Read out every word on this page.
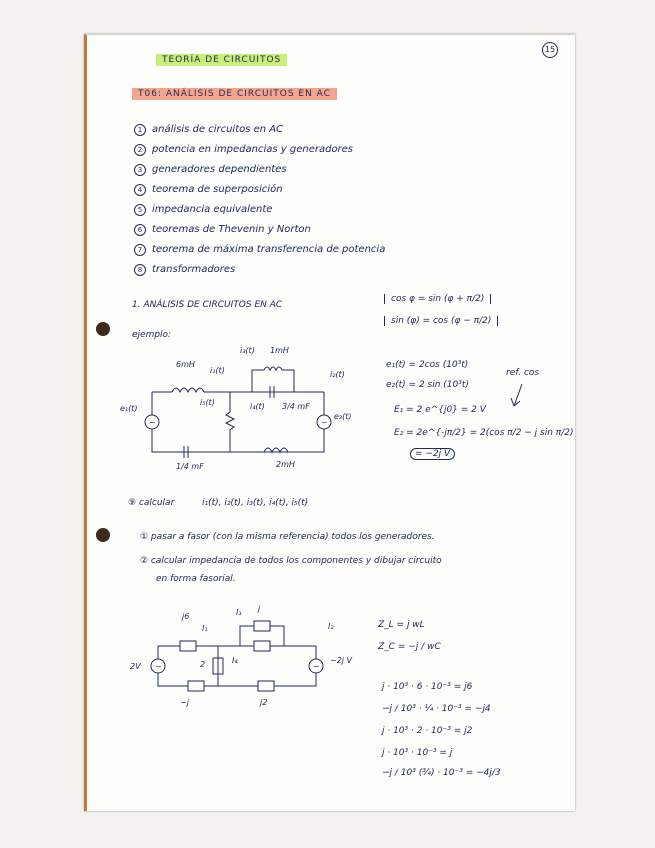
TEORÍA DE CIRCUITOS
15
T06: ANÁLISIS DE CIRCUITOS EN AC
1 análisis de circuitos en AC
2 potencia en impedancias y generadores
3 generadores dependientes
4 teorema de superposición
5 impedancia equivalente
6 teoremas de Thevenin y Norton
7 teorema de máxima transferencia de potencia
8 transformadores
1. ANÁLISIS DE CIRCUITOS EN AC
ejemplo:
cos φ = sin (φ + π/2)
sin (φ) = cos (φ − π/2)
e₁(t) = 2cos (10³t)
e₂(t) = 2 sin (10³t)
ref. cos
E₁ = 2 e^{j0} = 2 V
E₂ = 2e^{-jπ/2} = 2(cos π/2 − j sin π/2)
= −2j V
~	~
6mH
1mH
i₃(t)
i₁(t)	i₂(t)
i₅(t)	i₄(t) 3/4 mF
e₁(t)
e₂(t)
1/4 mF	2mH
⑨ calcular	i₁(t), i₂(t), i₃(t), i₄(t), i₅(t)
① pasar a fasor (con la misma referencia) todos los generadores.
② calcular impedancia de todos los componentes y dibujar circuito
en forma fasorial.
~	~
j6
I₁
I₃ j
I₂
2	I₄
2V
−2j V
−j	j2
Z_L = j wL
Z_C = −j / wC
j · 10³ · 6 · 10⁻³ = j6
−j / 10³ · ¼ · 10⁻³ = −j4
j · 10³ · 2 · 10⁻³ = j2
j · 10³ · 10⁻³ = j
−j / 10³ (¾) · 10⁻³ = −4j/3
